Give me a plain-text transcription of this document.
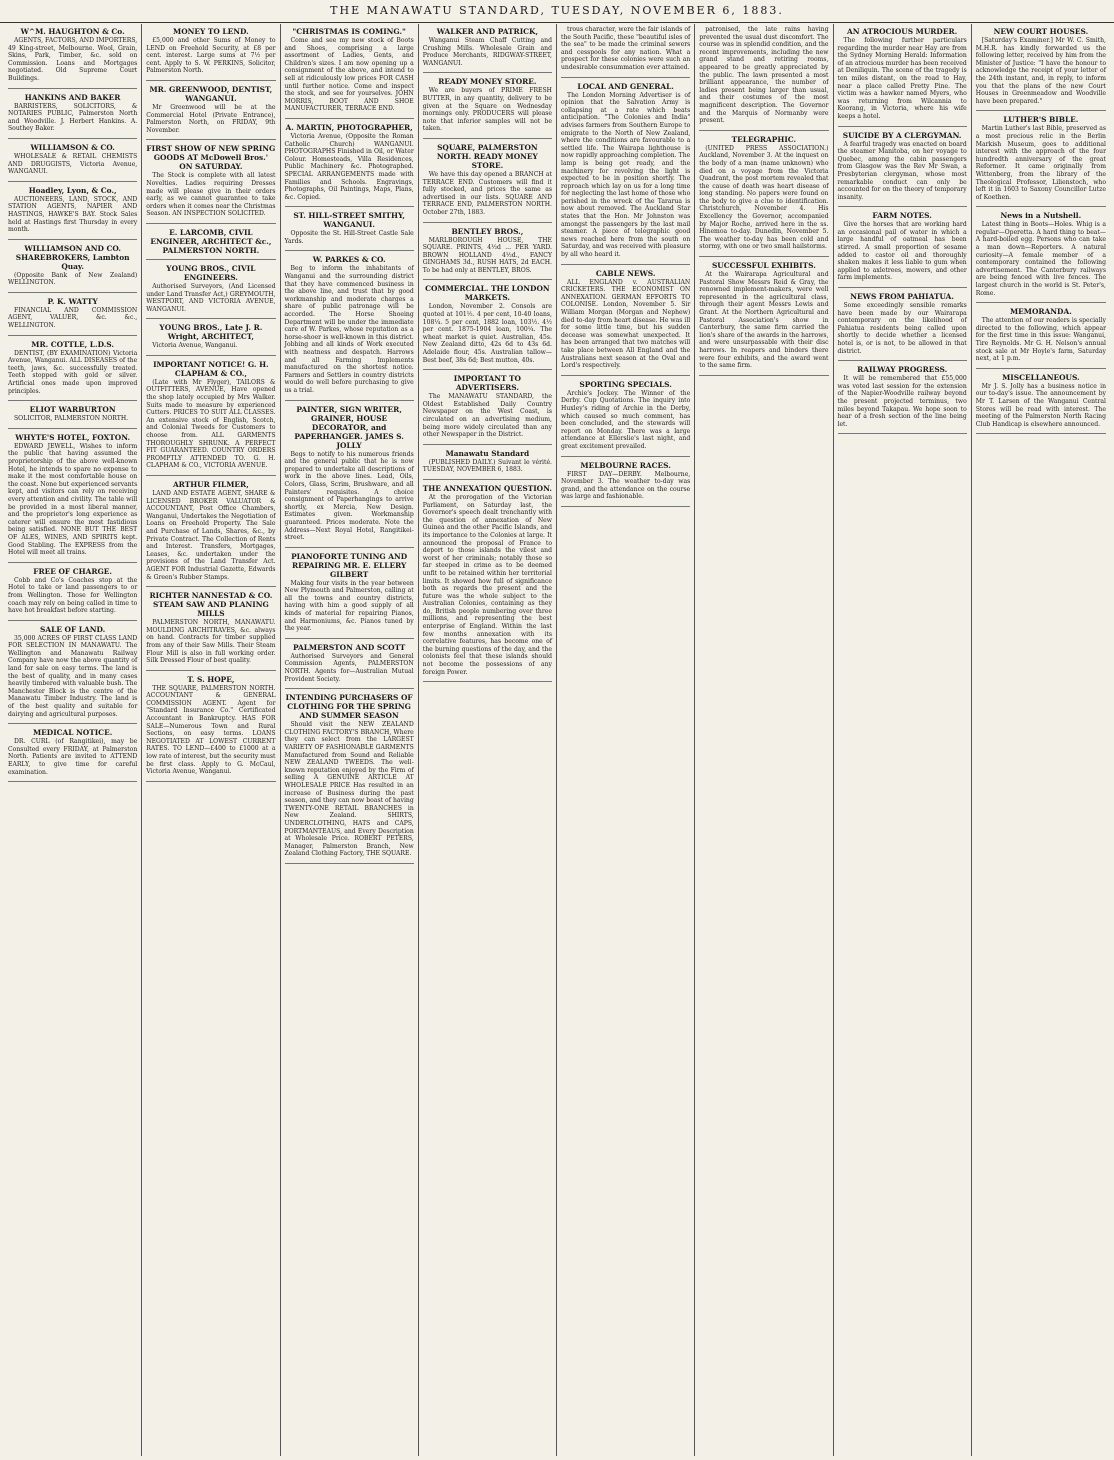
THE MANAWATU STANDARD, TUESDAY, NOVEMBER 6, 1883.
W^M. HAUGHTON & Co.

AGENTS, FACTORS, AND IMPORTERS, 49 King-street, Melbourne. Wool, Grain, Skins, Park, Timber, &c. sold on Commission. Loans and Mortgages negotiated. Old Supreme Court Buildings.

HANKINS AND BAKER

BARRISTERS, SOLICITORS, & NOTARIES PUBLIC, Palmerston North and Woodville. J. Herbert Hankins. A. Southey Baker.

WILLIAMSON & CO.

WHOLESALE & RETAIL CHEMISTS AND DRUGGISTS, Victoria Avenue, WANGANUI.

Hoadley, Lyon, & Co.,

AUCTIONEERS, LAND, STOCK, AND STATION AGENTS, NAPIER AND HASTINGS, HAWKE'S BAY. Stock Sales held at Hastings first Thursday in every month.

WILLIAMSON AND CO. SHAREBROKERS, Lambton Quay.

(Opposite Bank of New Zealand) WELLINGTON.

P. K. WATTY

FINANCIAL AND COMMISSION AGENT, VALUER, &c. &c., WELLINGTON.

MR. COTTLE, L.D.S.

DENTIST, (BY EXAMINATION) Victoria Avenue, Wanganui. ALL DISEASES of the teeth, jaws, &c. successfully treated. Teeth stopped with gold or silver. Artificial ones made upon improved principles.

ELIOT WARBURTON

SOLICITOR, PALMERSTON NORTH.

WHYTE'S HOTEL, FOXTON.

EDWARD JEWELL, Wishes to inform the public that having assumed the proprietorship of the above well-known Hotel, he intends to spare no expense to make it the most comfortable house on the coast. None but experienced servants kept, and visitors can rely on receiving every attention and civility. The table will be provided in a most liberal manner, and the proprietor's long experience as caterer will ensure the most fastidious being satisfied. NONE BUT THE BEST OF ALES, WINES, AND SPIRITS kept. Good Stabling. The EXPRESS from the Hotel will meet all trains.

FREE OF CHARGE.

Cobb and Co's Coaches stop at the Hotel to take or land passengers to or from Wellington. Those for Wellington coach may rely on being called in time to have hot breakfast before starting.

SALE OF LAND.

35,000 ACRES OF FIRST CLASS LAND FOR SELECTION IN MANAWATU. The Wellington and Manawatu Railway Company have now the above quantity of land for sale on easy terms. The land is the best of quality, and in many cases heavily timbered with valuable bush. The Manchester Block is the centre of the Manawatu Timber Industry. The land is of the best quality and suitable for dairying and agricultural purposes.

MEDICAL NOTICE.

DR. CURL (of Rangitikei), may be Consulted every FRIDAY, at Palmerston North. Patients are invited to ATTEND EARLY, to give time for careful examination.

MONEY TO LEND.

£5,000 and other Sums of Money to LEND on Freehold Security, at £8 per cent. interest. Large sums at 7½ per cent. Apply to S. W. PERKINS, Solicitor, Palmerston North.

MR. GREENWOOD, DENTIST, WANGANUI.

Mr Greenwood will be at the Commercial Hotel (Private Entrance), Palmerston North, on FRIDAY, 9th November.

FIRST SHOW OF NEW SPRING GOODS AT McDowell Bros.' ON SATURDAY.

The Stock is complete with all latest Novelties. Ladies requiring Dresses made will please give in their orders early, as we cannot guarantee to take orders when it comes near the Christmas Season. AN INSPECTION SOLICITED.

E. LARCOMB, CIVIL ENGINEER, ARCHITECT &c., PALMERSTON NORTH.
YOUNG BROS., CIVIL ENGINEERS.

Authorised Surveyors, (And Licensed under Land Transfer Act,) GREYMOUTH, WESTPORT, AND VICTORIA AVENUE, WANGANUI.

YOUNG BROS., Late J. R. Wright, ARCHITECT,

Victoria Avenue, Wanganui.

IMPORTANT NOTICE! G. H. CLAPHAM & CO.,

(Late with Mr Flyger), TAILORS & OUTFITTERS, AVENUE, Have opened the shop lately occupied by Mrs Walker. Suits made to measure by experienced Cutters. PRICES TO SUIT ALL CLASSES. An extensive stock of English, Scotch, and Colonial Tweeds for Customers to choose from. ALL GARMENTS THOROUGHLY SHRUNK. A PERFECT FIT GUARANTEED. COUNTRY ORDERS PROMPTLY ATTENDED TO. G. H. CLAPHAM & CO., VICTORIA AVENUE.

ARTHUR FILMER,

LAND AND ESTATE AGENT, SHARE & LICENSED BROKER VALUATOR & ACCOUNTANT, Post Office Chambers, Wanganui, Undertakes the Negotiation of Loans on Freehold Property. The Sale and Purchase of Lands, Shares, &c., by Private Contract. The Collection of Rents and Interest. Transfers, Mortgages, Leases, &c. undertaken under the provisions of the Land Transfer Act. AGENT FOR Industrial Gazette, Edwards & Green's Rubber Stamps.

RICHTER NANNESTAD & CO. STEAM SAW AND PLANING MILLS

PALMERSTON NORTH, MANAWATU. MOULDING ARCHITRAVES, &c. always on hand. Contracts for timber supplied from any of their Saw Mills. Their Steam Flour Mill is also in full working order. Silk Dressed Flour of best quality.

T. S. HOPE,

THE SQUARE, PALMERSTON NORTH. ACCOUNTANT & GENERAL COMMISSION AGENT. Agent for "Standard Insurance Co." Certificated Accountant in Bankruptcy. HAS FOR SALE—Numerous Town and Rural Sections, on easy terms. LOANS NEGOTIATED AT LOWEST CURRENT RATES. TO LEND—£400 to £1000 at a low rate of interest, but the security must be first class. Apply to G. McCaul, Victoria Avenue, Wanganui.

"CHRISTMAS IS COMING."

Come and see my new stock of Boots and Shoes, comprising a large assortment of Ladies, Gents, and Children's sizes. I am now opening up a consignment of the above, and intend to sell at ridiculously low prices FOR CASH until further notice. Come and inspect the stock, and see for yourselves. JOHN MORRIS, BOOT AND SHOE MANUFACTURER, TERRACE END.

A. MARTIN, PHOTOGRAPHER,

Victoria Avenue, (Opposite the Roman Catholic Church) WANGANUI. PHOTOGRAPHS Finished in Oil, or Water Colour. Homesteads, Villa Residences, Public Machinery &c. Photographed. SPECIAL ARRANGEMENTS made with Families and Schools. Engravings, Photographs, Oil Paintings, Maps, Plans, &c. Copied.

ST. HILL-STREET SMITHY, WANGANUI.

Opposite the St. Hill-Street Castle Sale Yards.

W. PARKES & CO.

Beg to inform the inhabitants of Wanganui and the surrounding district that they have commenced business in the above line, and trust that by good workmanship and moderate charges a share of public patronage will be accorded. The Horse Shoeing Department will be under the immediate care of W. Parkes, whose reputation as a horse-shoer is well-known in this district. Jobbing and all kinds of Work executed with neatness and despatch. Harrows and all Farming Implements manufactured on the shortest notice. Farmers and Settlers in country districts would do well before purchasing to give us a trial.

PAINTER, SIGN WRITER, GRAINER, HOUSE DECORATOR, and PAPERHANGER. JAMES S. JOLLY

Begs to notify to his numerous friends and the general public that he is now prepared to undertake all descriptions of work in the above lines. Lead, Oils, Colors, Glass, Scrim, Brushware, and all Painters' requisites. A choice consignment of Paperhangings to arrive shortly, ex Mercia, New Design. Estimates given. Workmanship guaranteed. Prices moderate. Note the Address—Next Royal Hotel, Rangitikei-street.

PIANOFORTE TUNING AND REPAIRING MR. E. ELLERY GILBERT

Making four visits in the year between New Plymouth and Palmerston, calling at all the towns and country districts, having with him a good supply of all kinds of material for repairing Pianos, and Harmoniums, &c. Pianos tuned by the year.

PALMERSTON AND SCOTT

Authorised Surveyors and General Commission Agents, PALMERSTON NORTH. Agents for—Australian Mutual Provident Society.

INTENDING PURCHASERS OF CLOTHING FOR THE SPRING AND SUMMER SEASON

Should visit the NEW ZEALAND CLOTHING FACTORY'S BRANCH, Where they can select from the LARGEST VARIETY OF FASHIONABLE GARMENTS Manufactured from Sound and Reliable NEW ZEALAND TWEEDS. The well-known reputation enjoyed by the Firm of selling A GENUINE ARTICLE AT WHOLESALE PRICE Has resulted in an increase of Business during the past season, and they can now boast of having TWENTY-ONE RETAIL BRANCHES in New Zealand. SHIRTS, UNDERCLOTHING, HATS and CAPS, PORTMANTEAUS, and Every Description at Wholesale Price. ROBERT PETERS, Manager, Palmerston Branch, New Zealand Clothing Factory, THE SQUARE.

WALKER AND PATRICK,

Wanganui Steam Chaff Cutting and Crushing Mills. Wholesale Grain and Produce Merchants, RIDGWAY-STREET, WANGANUI.

READY MONEY STORE.

We are buyers of PRIME FRESH BUTTER, in any quantity, delivery to be given at the Square on Wednesday mornings only. PRODUCERS will please note that inferior samples will not be taken.

SQUARE, PALMERSTON NORTH. READY MONEY STORE.

We have this day opened a BRANCH at TERRACE END. Customers will find it fully stocked, and prices the same as advertised in our lists. SQUARE AND TERRACE END, PALMERSTON NORTH. October 27th, 1883.

BENTLEY BROS.,

MARLBOROUGH HOUSE, THE SQUARE. PRINTS, 4½d ... PER YARD. BROWN HOLLAND 4½d., FANCY GINGHAMS 3d., RUSH HATS, 2d EACH. To be had only at BENTLEY, BROS.

COMMERCIAL. THE LONDON MARKETS.

London, November 2. Consols are quoted at 101½. 4 per cent, 10-40 loans, 108¼. 5 per cent, 1882 loan, 103½. 4½ per cent. 1875-1904 loan, 100¼. The wheat market is quiet. Australian, 45s. New Zealand ditto, 42s 6d to 43s 6d. Adelaide flour, 45s. Australian tallow—Best beef, 38s 6d; Best mutton, 40s.

IMPORTANT TO ADVERTISERS.

The MANAWATU STANDARD, the Oldest Established Daily Country Newspaper on the West Coast, is circulated on an advertising medium, being more widely circulated than any other Newspaper in the District.

Manawatu Standard

(PUBLISHED DAILY.) Suivant le vérité. TUESDAY, NOVEMBER 6, 1883.

THE ANNEXATION QUESTION.

At the prorogation of the Victorian Parliament, on Saturday last, the Governor's speech dealt trenchantly with the question of annexation of New Guinea and the other Pacific Islands, and its importance to the Colonies at large. It announced the proposal of France to deport to those islands the vilest and worst of her criminals; notably those so far steeped in crime as to be deemed unfit to be retained within her territorial limits. It showed how full of significance both as regards the present and the future was the whole subject to the Australian Colonies, containing as they do, British people numbering over three millions, and representing the best enterprise of England. Within the last few months annexation with its correlative features, has become one of the burning questions of the day, and the colonists feel that these islands should not become the possessions of any foreign Power.

trous character, were the fair islands of the South Pacific, these "beautiful isles of the sea" to be made the criminal sewers and cesspools for any nation. What a prospect for these colonies were such an undesirable consummation ever attained.

LOCAL AND GENERAL.

The London Morning Advertiser is of opinion that the Salvation Army is collapsing at a rate which beats anticipation. "The Colonies and India" advises farmers from Southern Europe to emigrate to the North of New Zealand, where the conditions are favourable to a settled life. The Wairapa lighthouse is now rapidly approaching completion. The lamp is being got ready, and the machinery for revolving the light is expected to be in position shortly. The reproach which lay on us for a long time for neglecting the last home of those who perished in the wreck of the Tararua is now about removed. The Auckland Star states that the Hon. Mr Johnston was amongst the passengers by the last mail steamer. A piece of telegraphic good news reached here from the south on Saturday, and was received with pleasure by all who heard it.

CABLE NEWS.

ALL ENGLAND v. AUSTRALIAN CRICKETERS. THE ECONOMIST ON ANNEXATION. GERMAN EFFORTS TO COLONISE. London, November 5. Sir William Morgan (Morgan and Nephew) died to-day from heart disease. He was ill for some little time, but his sudden decease was somewhat unexpected. It has been arranged that two matches will take place between All England and the Australians next season at the Oval and Lord's respectively.

SPORTING SPECIALS.

Archie's Jockey. The Winner of the Derby. Cup Quotations. The inquiry into Huxley's riding of Archie in the Derby, which caused so much comment, has been concluded, and the stewards will report on Monday. There was a large attendance at Ellerslie's last night, and great excitement prevailed.

MELBOURNE RACES.

FIRST DAY—DERBY. Melbourne, November 3. The weather to-day was grand, and the attendance on the course was large and fashionable.

patronised, the late rains having prevented the usual dust discomfort. The course was in splendid condition, and the recent improvements, including the new grand stand and retiring rooms, appeared to be greatly appreciated by the public. The lawn presented a most brilliant appearance, the number of ladies present being larger than usual, and their costumes of the most magnificent description. The Governor and the Marquis of Normanby were present.

TELEGRAPHIC.

(UNITED PRESS ASSOCIATION.) Auckland, November 3. At the inquest on the body of a man (name unknown) who died on a voyage from the Victoria Quadrant, the post mortem revealed that the cause of death was heart disease of long standing. No papers were found on the body to give a clue to identification. Christchurch, November 4. His Excellency the Governor, accompanied by Major Roche, arrived here in the ss. Hinemoa to-day. Dunedin, November 5. The weather to-day has been cold and stormy, with one or two small hailstorms.

SUCCESSFUL EXHIBITS.

At the Wairarapa Agricultural and Pastoral Show Messrs Reid & Gray, the renowned implement-makers, were well represented in the agricultural class, through their agent Messrs Lewis and Grant. At the Northern Agricultural and Pastoral Association's show in Canterbury, the same firm carried the lion's share of the awards in the harrows, and were unsurpassable with their disc harrows. In reapers and binders there were four exhibits, and the award went to the same firm.

AN ATROCIOUS MURDER.

The following further particulars regarding the murder near Hay are from the Sydney Morning Herald: Information of an atrocious murder has been received at Deniliquin. The scene of the tragedy is ten miles distant, on the road to Hay, near a place called Pretty Pine. The victim was a hawker named Myers, who was returning from Wilcannia to Koorang, in Victoria, where his wife keeps a hotel.

SUICIDE BY A CLERGYMAN.

A fearful tragedy was enacted on board the steamer Manitoba, on her voyage to Quebec, among the cabin passengers from Glasgow was the Rev Mr Swan, a Presbyterian clergyman, whose most remarkable conduct can only be accounted for on the theory of temporary insanity.

FARM NOTES.

Give the horses that are working hard an occasional pail of water in which a large handful of oatmeal has been stirred. A small proportion of sesame added to castor oil and thoroughly shaken makes it less liable to gum when applied to axletrees, mowers, and other farm implements.

NEWS FROM PAHIATUA.

Some exceedingly sensible remarks have been made by our Wairarapa contemporary on the likelihood of Pahiatua residents being called upon shortly to decide whether a licensed hotel is, or is not, to be allowed in that district.

RAILWAY PROGRESS.

It will be remembered that £55,000 was voted last session for the extension of the Napier-Woodville railway beyond the present projected terminus, two miles beyond Takapau. We hope soon to hear of a fresh section of the line being let.

NEW COURT HOUSES.

[Saturday's Examiner.] Mr W. C. Smith, M.H.R. has kindly forwarded us the following letter, received by him from the Minister of Justice: "I have the honour to acknowledge the receipt of your letter of the 24th instant, and, in reply, to inform you that the plans of the new Court Houses in Greenmeadow and Woodville have been prepared."

LUTHER'S BIBLE.

Martin Luther's last Bible, preserved as a most precious relic in the Berlin Markish Museum, goes to additional interest with the approach of the four hundredth anniversary of the great Reformer. It came originally from Wittenberg, from the library of the Theological Professor, Lilienstoch, who left it in 1603 to Saxony Councillor Lutze of Koethen.

News in a Nutshell.

Latest thing in Boots—Holes. Whig is a regular—Operetta. A hard thing to beat—A hard-boiled egg. Persons who can take a man down—Reporters. A natural curiosity—A female member of a contemporary contained the following advertisement. The Canterbury railways are being fenced with live fences. The largest church in the world is St. Peter's, Rome.

MEMORANDA.

The attention of our readers is specially directed to the following, which appear for the first time in this issue: Wanganui, Tire Reynolds. Mr G. H. Nelson's annual stock sale at Mr Hoyle's farm, Saturday next, at 1 p.m.

MISCELLANEOUS.

Mr J. S. Jolly has a business notice in our to-day's issue. The announcement by Mr T. Larsen of the Wanganui Central Stores will be read with interest. The meeting of the Palmerston North Racing Club Handicap is elsewhere announced.
